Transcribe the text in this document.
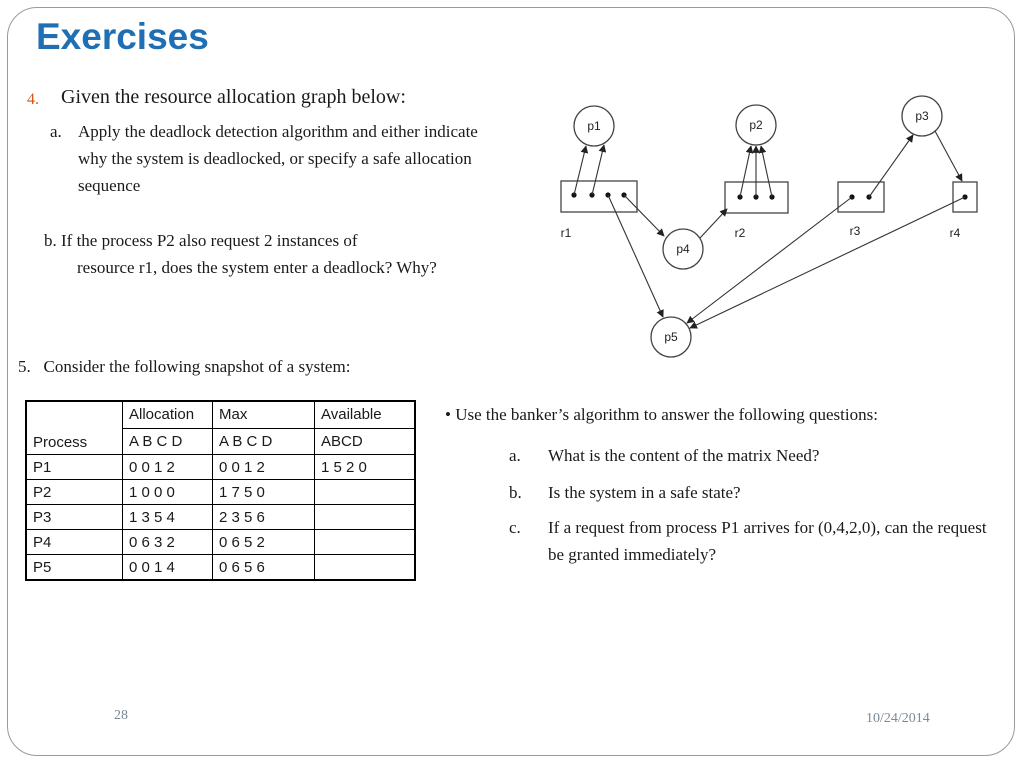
Exercises
4. Given the resource allocation graph below:
a. Apply the deadlock detection algorithm and either indicate why the system is deadlocked, or specify a safe allocation sequence
b. If the process P2 also request 2 instances of
resource r1, does the system enter a deadlock? Why?
p1	p2
p3
p4
p5
r1	r2	r3	r4
5. Consider the following snapshot of a system:
Process	Allocation	Max	Available
	A B C D	A B C D	ABCD
P1	0 0 1 2	0 0 1 2	1 5 2 0
P2	1 0 0 0	1 7 5 0	
P3	1 3 5 4	2 3 5 6	
P4	0 6 3 2	0 6 5 2	
P5	0 0 1 4	0 6 5 6	
• Use the banker’s algorithm to answer the following questions:
a. What is the content of the matrix Need?
b. Is the system in a safe state?
c. If a request from process P1 arrives for (0,4,2,0), can the request be granted immediately?
28	10/24/2014
